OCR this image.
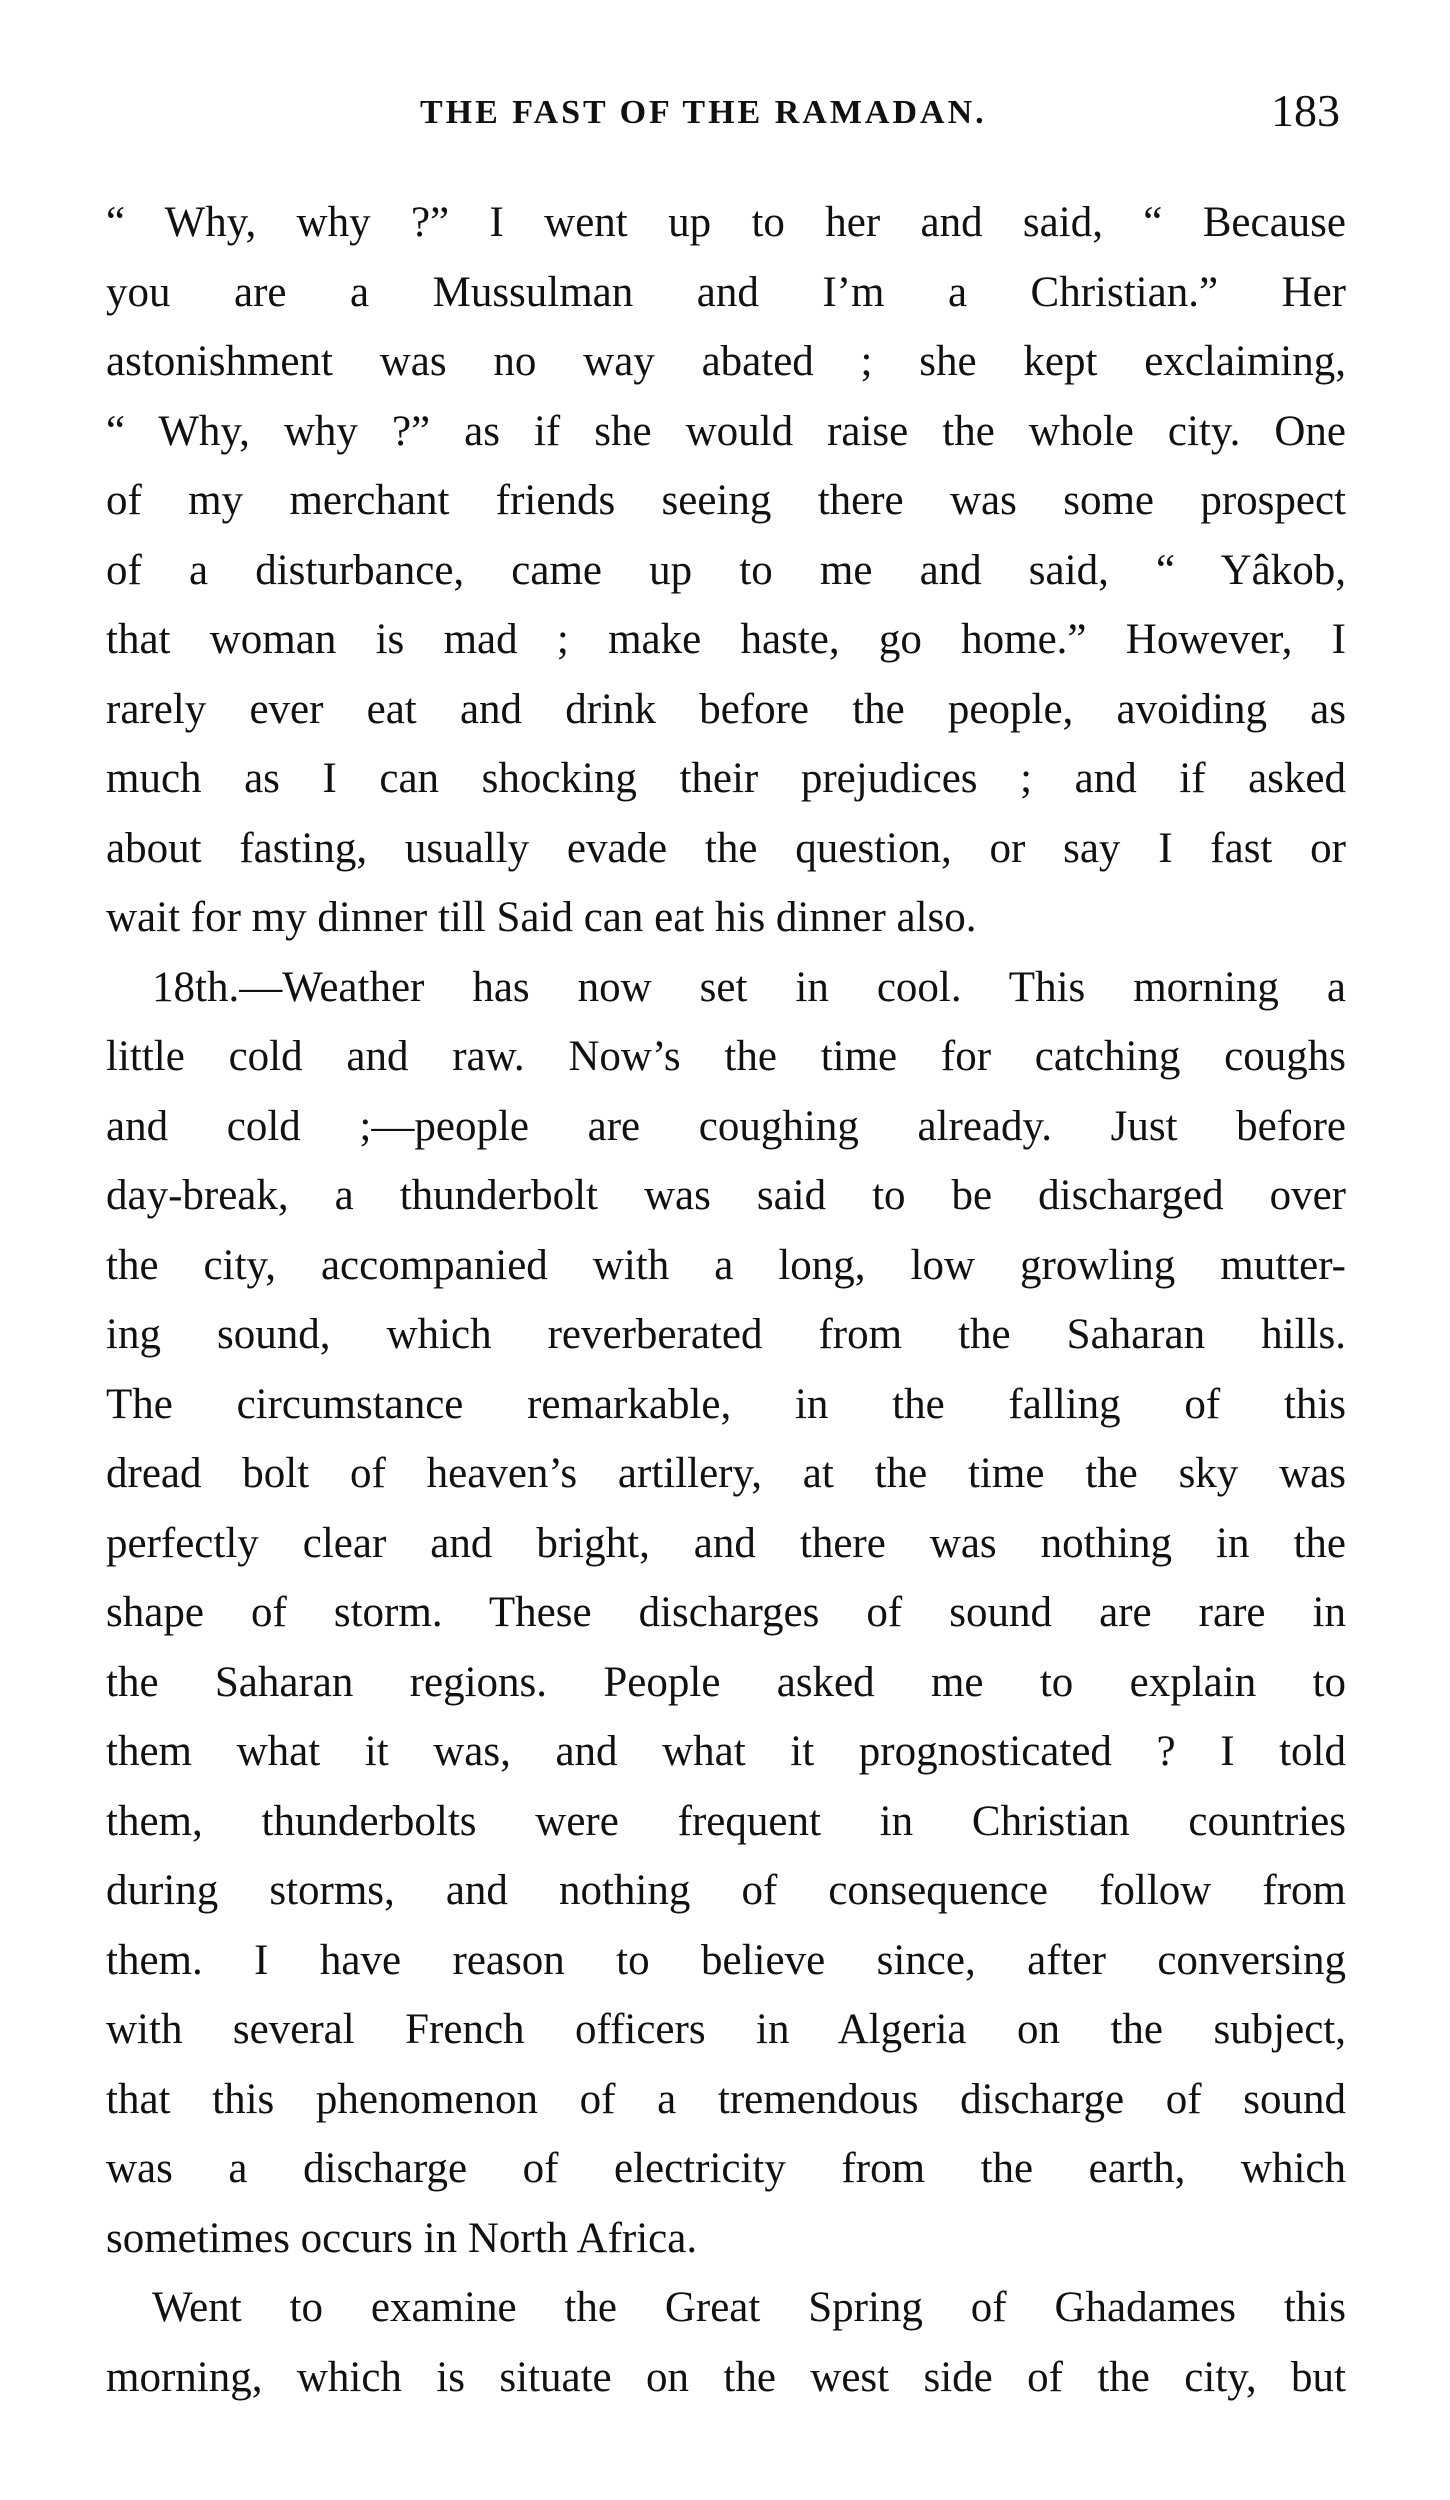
THE FAST OF THE RAMADAN.	183
“ Why, why ?” I went up to her and said, “ Because
you are a Mussulman and I’m a Christian.” Her
astonishment was no way abated ; she kept exclaiming,
“ Why, why ?” as if she would raise the whole city. One
of my merchant friends seeing there was some prospect
of a disturbance, came up to me and said, “ Yâkob,
that woman is mad ; make haste, go home.” However, I
rarely ever eat and drink before the people, avoiding as
much as I can shocking their prejudices ; and if asked
about fasting, usually evade the question, or say I fast or
wait for my dinner till Said can eat his dinner also.
18th.—Weather has now set in cool. This morning a
little cold and raw. Now’s the time for catching coughs
and cold ;—people are coughing already. Just before
day-break, a thunderbolt was said to be discharged over
the city, accompanied with a long, low growling mutter-
ing sound, which reverberated from the Saharan hills.
The circumstance remarkable, in the falling of this
dread bolt of heaven’s artillery, at the time the sky was
perfectly clear and bright, and there was nothing in the
shape of storm. These discharges of sound are rare in
the Saharan regions. People asked me to explain to
them what it was, and what it prognosticated ? I told
them, thunderbolts were frequent in Christian countries
during storms, and nothing of consequence follow from
them. I have reason to believe since, after conversing
with several French officers in Algeria on the subject,
that this phenomenon of a tremendous discharge of sound
was a discharge of electricity from the earth, which
sometimes occurs in North Africa.
Went to examine the Great Spring of Ghadames this
morning, which is situate on the west side of the city, but
